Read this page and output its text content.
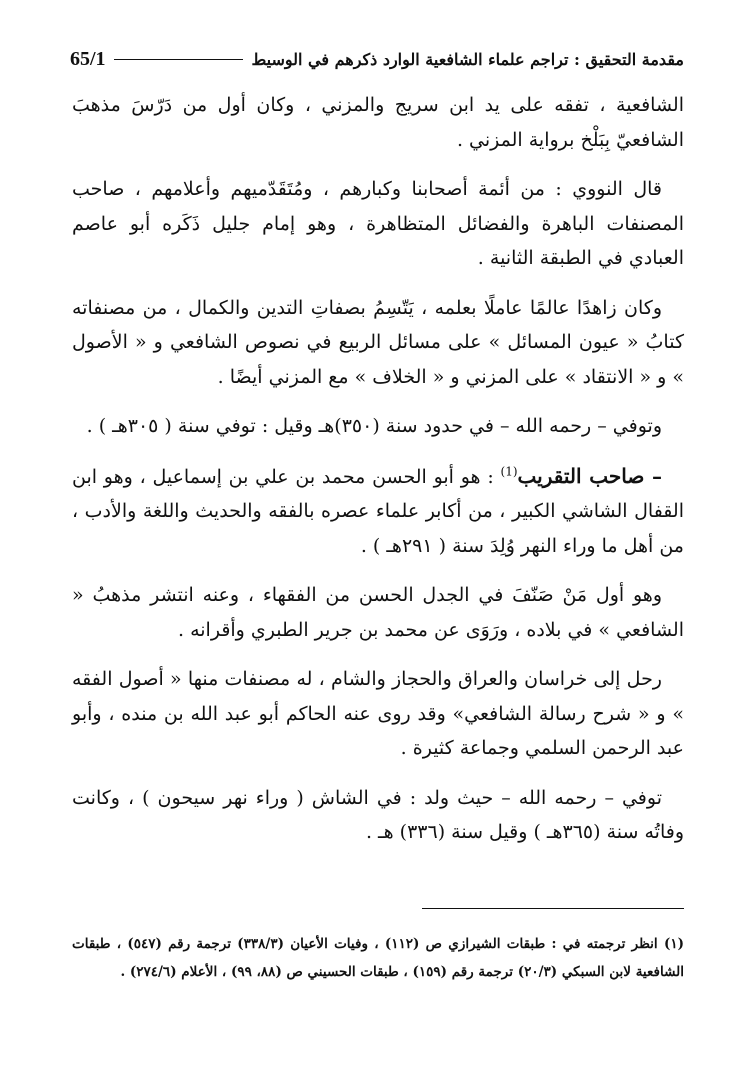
مقدمة التحقيق : تراجم علماء الشافعية الوارد ذكرهم في الوسيط
65/1

الشافعية ، تفقه على يد ابن سريج والمزني ، وكان أول من دَرّسَ مذهبَ الشافعيّ بِبَلْخ برواية المزني .

قال النووي : من أئمة أصحابنا وكبارهم ، ومُتَقَدّميهم وأعلامهم ، صاحب المصنفات الباهرة والفضائل المتظاهرة ، وهو إمام جليل ذَكَره أبو عاصم العبادي في الطبقة الثانية .

وكان زاهدًا عالمًا عاملًا بعلمه ، يَتّسِمُ بصفاتِ التدين والكمال ، من مصنفاته كتابُ « عيون المسائل » على مسائل الربيع في نصوص الشافعي و « الأصول » و « الانتقاد » على المزني و « الخلاف » مع المزني أيضًا .

وتوفي – رحمه الله – في حدود سنة (٣٥٠)هـ وقيل : توفي سنة ( ٣٠٥هـ ) .

– صاحب التقريب$^{(1)}$ : هو أبو الحسن محمد بن علي بن إسماعيل ، وهو ابن القفال الشاشي الكبير ، من أكابر علماء عصره بالفقه والحديث واللغة والأدب ، من أهل ما وراء النهر وُلِدَ سنة ( ٢٩١هـ ) .

وهو أول مَنْ صَنّفَ في الجدل الحسن من الفقهاء ، وعنه انتشر مذهبُ « الشافعي » في بلاده ، ورَوَى عن محمد بن جرير الطبري وأقرانه .

رحل إلى خراسان والعراق والحجاز والشام ، له مصنفات منها « أصول الفقه » و « شرح رسالة الشافعي» وقد روى عنه الحاكم أبو عبد الله بن منده ، وأبو عبد الرحمن السلمي وجماعة كثيرة .

توفي – رحمه الله – حيث ولد : في الشاش ( وراء نهر سيحون ) ، وكانت وفاتُه سنة (٣٦٥هـ ) وقيل سنة (٣٣٦) هـ .

(١) انظر ترجمته في : طبقات الشيرازي ص (١١٢) ، وفيات الأعيان (٣٣٨/٣) ترجمة رقم (٥٤٧) ، طبقات الشافعية لابن السبكي (٢٠/٣) ترجمة رقم (١٥٩) ، طبقات الحسيني ص (٨٨، ٩٩) ، الأعلام (٢٧٤/٦) .
